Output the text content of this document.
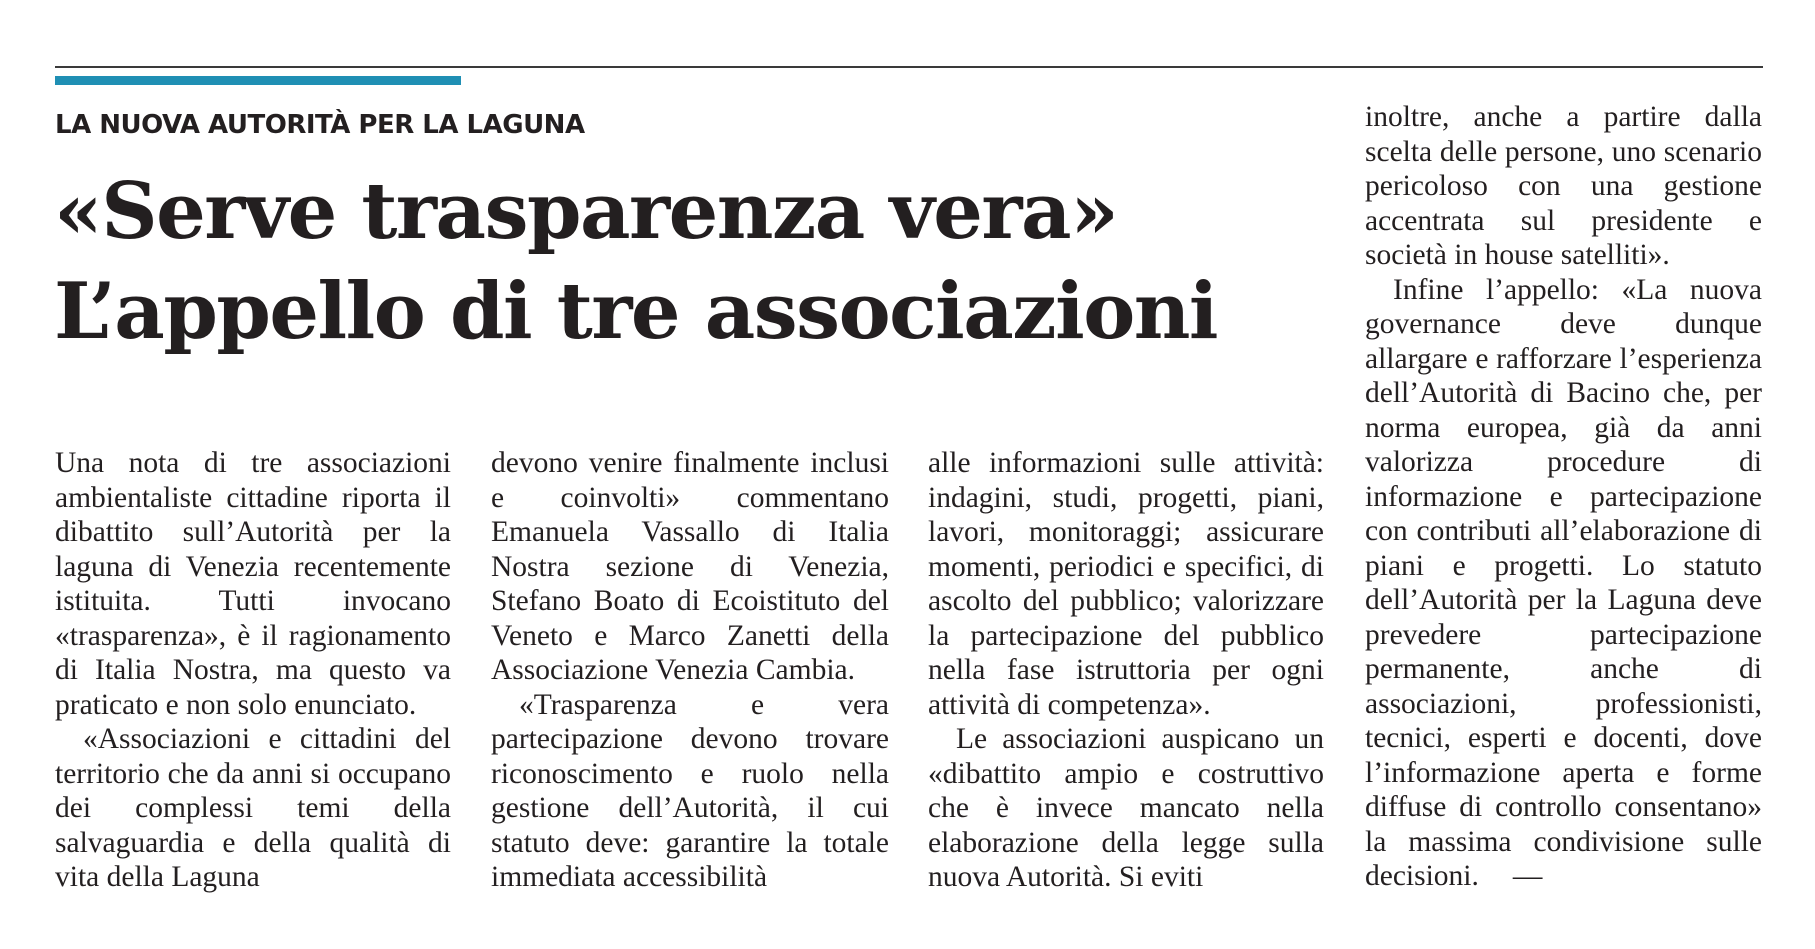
LA NUOVA AUTORITÀ PER LA LAGUNA
«Serve trasparenza vera»
L’appello di tre associazioni

Una nota di tre associazioni ambientaliste cittadine riporta il dibattito sull’Autorità per la laguna di Venezia recentemente istituita. Tutti invocano «trasparenza», è il ragionamento di Italia Nostra, ma questo va praticato e non solo enunciato.

«Associazioni e cittadini del territorio che da anni si occupano dei complessi temi della salvaguardia e della qualità di vita della Laguna

devono venire finalmente inclusi e coinvolti» commentano Emanuela Vassallo di Italia Nostra sezione di Venezia, Stefano Boato di Ecoistituto del Veneto e Marco Zanetti della Associazione Venezia Cambia.

«Trasparenza e vera partecipazione devono trovare riconoscimento e ruolo nella gestione dell’Autorità, il cui statuto deve: garantire la totale immediata accessibilità

alle informazioni sulle attività: indagini, studi, progetti, piani, lavori, monitoraggi; assicurare momenti, periodici e specifici, di ascolto del pubblico; valorizzare la partecipazione del pubblico nella fase istruttoria per ogni attività di competenza».

Le associazioni auspicano un «dibattito ampio e costruttivo che è invece mancato nella elaborazione della legge sulla nuova Autorità. Si eviti

inoltre, anche a partire dalla scelta delle persone, uno scenario pericoloso con una gestione accentrata sul presidente e società in house satelliti».

Infine l’appello: «La nuova governance deve dunque allargare e rafforzare l’esperienza dell’Autorità di Bacino che, per norma europea, già da anni valorizza procedure di informazione e partecipazione con contributi all’elaborazione di piani e progetti. Lo statuto dell’Autorità per la Laguna deve prevedere partecipazione permanente, anche di associazioni, professionisti, tecnici, esperti e docenti, dove l’informazione aperta e forme diffuse di controllo consentano» la massima condivisione sulle decisioni. —
